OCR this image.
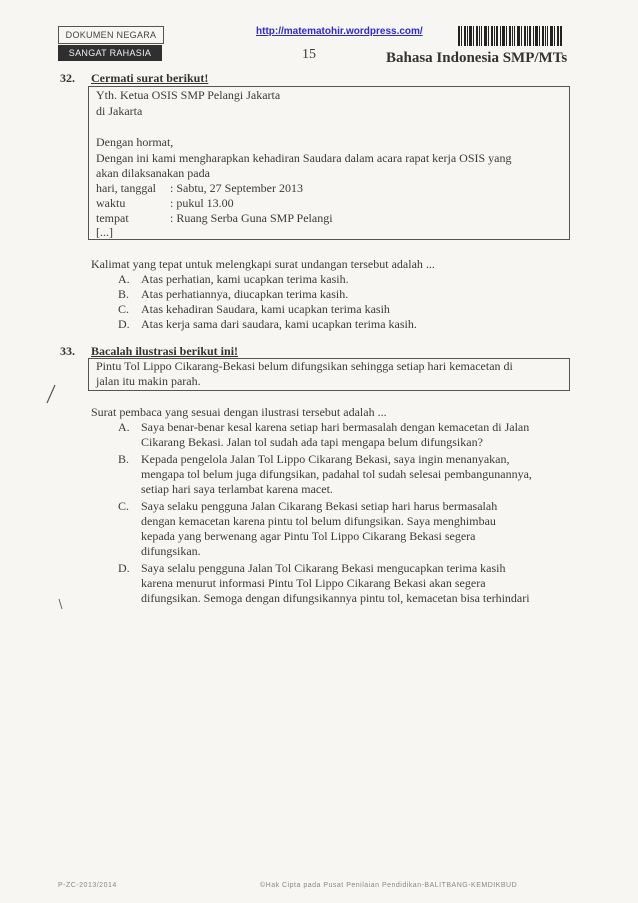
DOKUMEN NEGARA
SANGAT RAHASIA
http://matematohir.wordpress.com/
15	Bahasa Indonesia SMP/MTs
32. Cermati surat berikut!
Yth. Ketua OSIS SMP Pelangi Jakarta
di Jakarta
Dengan hormat,
Dengan ini kami mengharapkan kehadiran Saudara dalam acara rapat kerja OSIS yang
akan dilaksanakan pada
hari, tanggal : Sabtu, 27 September 2013
waktu	: pukul 13.00
tempat	: Ruang Serba Guna SMP Pelangi
[...]
Kalimat yang tepat untuk melengkapi surat undangan tersebut adalah ...
A. Atas perhatian, kami ucapkan terima kasih.
B. Atas perhatiannya, diucapkan terima kasih.
C. Atas kehadiran Saudara, kami ucapkan terima kasih
D. Atas kerja sama dari saudara, kami ucapkan terima kasih.
33. Bacalah ilustrasi berikut ini!
Pintu Tol Lippo Cikarang-Bekasi belum difungsikan sehingga setiap hari kemacetan di
jalan itu makin parah.
Surat pembaca yang sesuai dengan ilustrasi tersebut adalah ...
A. Saya benar-benar kesal karena setiap hari bermasalah dengan kemacetan di Jalan
Cikarang Bekasi. Jalan tol sudah ada tapi mengapa belum difungsikan?
B. Kepada pengelola Jalan Tol Lippo Cikarang Bekasi, saya ingin menanyakan,
mengapa tol belum juga difungsikan, padahal tol sudah selesai pembangunannya,
setiap hari saya terlambat karena macet.
C. Saya selaku pengguna Jalan Cikarang Bekasi setiap hari harus bermasalah
dengan kemacetan karena pintu tol belum difungsikan. Saya menghimbau
kepada yang berwenang agar Pintu Tol Lippo Cikarang Bekasi segera
difungsikan.
D. Saya selalu pengguna Jalan Tol Cikarang Bekasi mengucapkan terima kasih
karena menurut informasi Pintu Tol Lippo Cikarang Bekasi akan segera
difungsikan. Semoga dengan difungsikannya pintu tol, kemacetan bisa terhindari
P-ZC-2013/2014	©Hak Cipta pada Pusat Penilaian Pendidikan-BALITBANG-KEMDIKBUD
